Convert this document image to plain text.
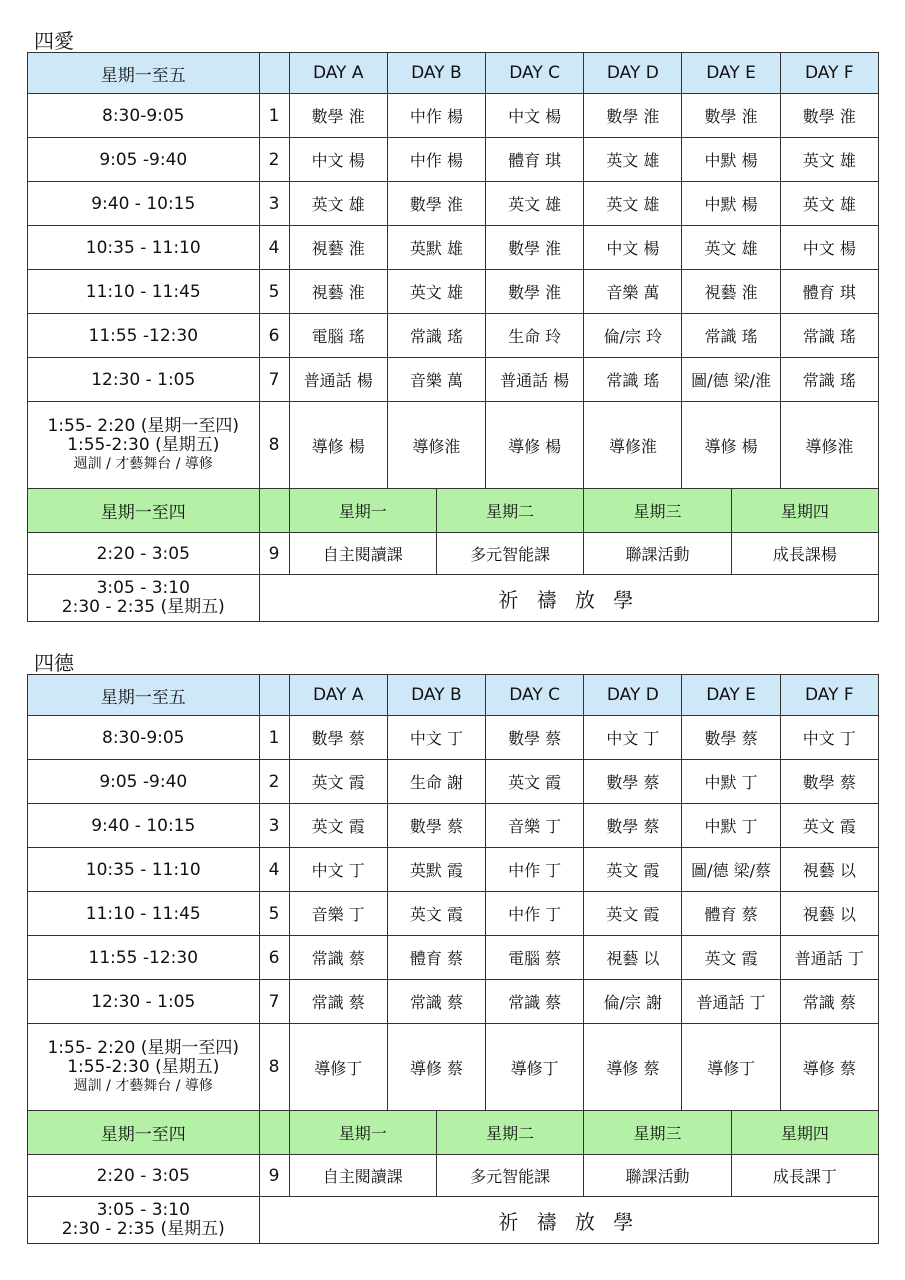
四愛
星期一至五		DAY A	DAY B	DAY C	DAY D	DAY E	DAY F
8:30-9:05	1	數學 淮	中作 楊	中文 楊	數學 淮	數學 淮	數學 淮
9:05 -9:40	2	中文 楊	中作 楊	體育 琪	英文 雄	中默 楊	英文 雄
9:40 - 10:15	3	英文 雄	數學 淮	英文 雄	英文 雄	中默 楊	英文 雄
10:35 - 11:10	4	視藝 淮	英默 雄	數學 淮	中文 楊	英文 雄	中文 楊
11:10 - 11:45	5	視藝 淮	英文 雄	數學 淮	音樂 萬	視藝 淮	體育 琪
11:55 -12:30	6	電腦 瑤	常識 瑤	生命 玲	倫/宗 玲	常識 瑤	常識 瑤
12:30 - 1:05	7	普通話 楊	音樂 萬	普通話 楊	常識 瑤	圖/德 梁/淮	常識 瑤

1:55- 2:20 (星期一至四)
1:55-2:30 (星期五)
週訓 / 才藝舞台 / 導修	8	導修 楊	導修淮	導修 楊	導修淮	導修 楊	導修淮
星期一至四		星期一 星期二 星期三 星期四					

2:20 - 3:05	9	自主閱讀課 多元智能課 聯課活動 成長課楊					

3:05 - 3:10
2:30 - 2:35 (星期五)	祈 禱 放 學						
四德
星期一至五		DAY A	DAY B	DAY C	DAY D	DAY E	DAY F
8:30-9:05	1	數學 蔡	中文 丁	數學 蔡	中文 丁	數學 蔡	中文 丁
9:05 -9:40	2	英文 霞	生命 謝	英文 霞	數學 蔡	中默 丁	數學 蔡
9:40 - 10:15	3	英文 霞	數學 蔡	音樂 丁	數學 蔡	中默 丁	英文 霞
10:35 - 11:10	4	中文 丁	英默 霞	中作 丁	英文 霞	圖/德 梁/蔡	視藝 以
11:10 - 11:45	5	音樂 丁	英文 霞	中作 丁	英文 霞	體育 蔡	視藝 以
11:55 -12:30	6	常識 蔡	體育 蔡	電腦 蔡	視藝 以	英文 霞	普通話 丁
12:30 - 1:05	7	常識 蔡	常識 蔡	常識 蔡	倫/宗 謝	普通話 丁	常識 蔡

1:55- 2:20 (星期一至四)
1:55-2:30 (星期五)
週訓 / 才藝舞台 / 導修	8	導修丁	導修 蔡	導修丁	導修 蔡	導修丁	導修 蔡
星期一至四		星期一 星期二 星期三 星期四					

2:20 - 3:05	9	自主閱讀課 多元智能課 聯課活動 成長課丁					

3:05 - 3:10
2:30 - 2:35 (星期五)	祈 禱 放 學						
